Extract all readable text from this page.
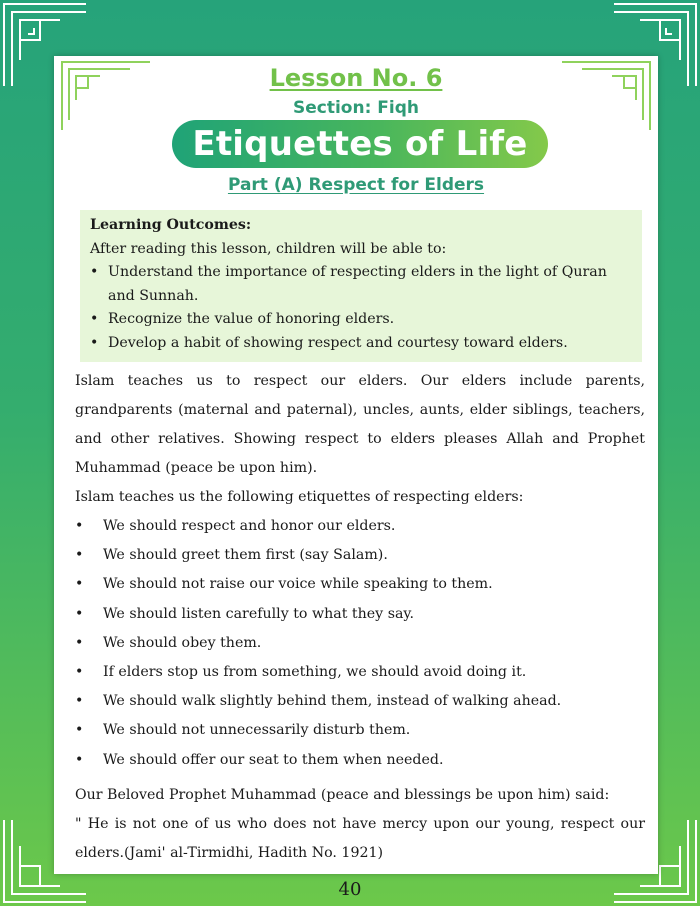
Lesson No. 6
Section: Fiqh
Etiquettes of Life
Part (A) Respect for Elders
Learning Outcomes:
After reading this lesson, children will be able to:
• Understand the importance of respecting elders in the light of Quran and Sunnah.
• Recognize the value of honoring elders.
• Develop a habit of showing respect and courtesy toward elders.

Islam teaches us to respect our elders. Our elders include parents, grandparents (maternal and paternal), uncles, aunts, elder siblings, teachers, and other relatives. Showing respect to elders pleases Allah and Prophet Muhammad (peace be upon him).

Islam teaches us the following etiquettes of respecting elders:

• We should respect and honor our elders.
• We should greet them first (say Salam).
• We should not raise our voice while speaking to them.
• We should listen carefully to what they say.
• We should obey them.
• If elders stop us from something, we should avoid doing it.
• We should walk slightly behind them, instead of walking ahead.
• We should not unnecessarily disturb them.
• We should offer our seat to them when needed.

Our Beloved Prophet Muhammad (peace and blessings be upon him) said:

" He is not one of us who does not have mercy upon our young, respect our elders.(Jami' al-Tirmidhi, Hadith No. 1921)

40
